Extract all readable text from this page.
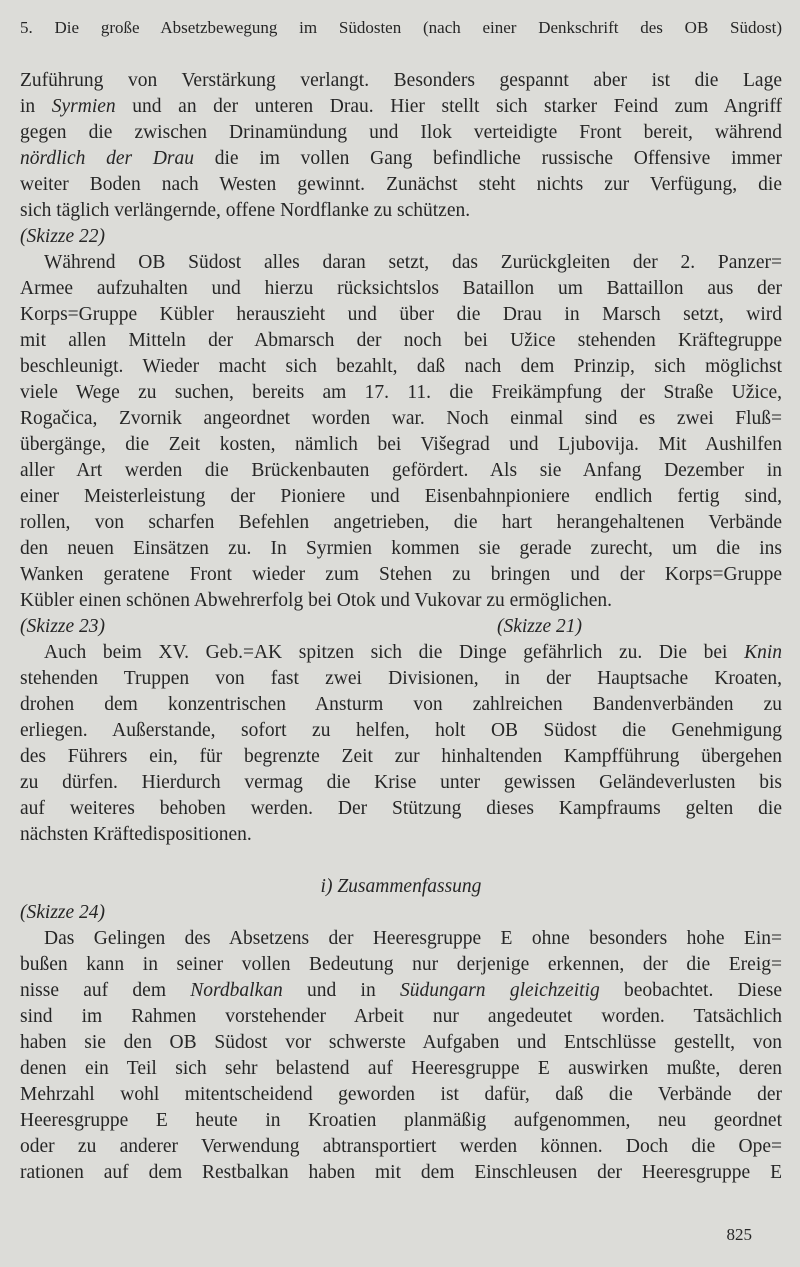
5. Die große Absetzbewegung im Südosten (nach einer Denkschrift des OB Südost)
Zuführung von Verstärkung verlangt. Besonders gespannt aber ist die Lage
in Syrmien und an der unteren Drau. Hier stellt sich starker Feind zum Angriff
gegen die zwischen Drinamündung und Ilok verteidigte Front bereit, während
nördlich der Drau die im vollen Gang befindliche russische Offensive immer
weiter Boden nach Westen gewinnt. Zunächst steht nichts zur Verfügung, die
sich täglich verlängernde, offene Nordflanke zu schützen.
(Skizze 22)
Während OB Südost alles daran setzt, das Zurückgleiten der 2. Panzer=
Armee aufzuhalten und hierzu rücksichtslos Bataillon um Battaillon aus der
Korps=Gruppe Kübler herauszieht und über die Drau in Marsch setzt, wird
mit allen Mitteln der Abmarsch der noch bei Užice stehenden Kräftegruppe
beschleunigt. Wieder macht sich bezahlt, daß nach dem Prinzip, sich möglichst
viele Wege zu suchen, bereits am 17. 11. die Freikämpfung der Straße Užice,
Rogačica, Zvornik angeordnet worden war. Noch einmal sind es zwei Fluß=
übergänge, die Zeit kosten, nämlich bei Višegrad und Ljubovija. Mit Aushilfen
aller Art werden die Brückenbauten gefördert. Als sie Anfang Dezember in
einer Meisterleistung der Pioniere und Eisenbahnpioniere endlich fertig sind,
rollen, von scharfen Befehlen angetrieben, die hart herangehaltenen Verbände
den neuen Einsätzen zu. In Syrmien kommen sie gerade zurecht, um die ins
Wanken geratene Front wieder zum Stehen zu bringen und der Korps=Gruppe
Kübler einen schönen Abwehrerfolg bei Otok und Vukovar zu ermöglichen.
(Skizze 23)	(Skizze 21)
Auch beim XV. Geb.=AK spitzen sich die Dinge gefährlich zu. Die bei Knin
stehenden Truppen von fast zwei Divisionen, in der Hauptsache Kroaten,
drohen dem konzentrischen Ansturm von zahlreichen Bandenverbänden zu
erliegen. Außerstande, sofort zu helfen, holt OB Südost die Genehmigung
des Führers ein, für begrenzte Zeit zur hinhaltenden Kampfführung übergehen
zu dürfen. Hierdurch vermag die Krise unter gewissen Geländeverlusten bis
auf weiteres behoben werden. Der Stützung dieses Kampfraums gelten die
nächsten Kräftedispositionen.
i) Zusammenfassung
(Skizze 24)
Das Gelingen des Absetzens der Heeresgruppe E ohne besonders hohe Ein=
bußen kann in seiner vollen Bedeutung nur derjenige erkennen, der die Ereig=
nisse auf dem Nordbalkan und in Südungarn gleichzeitig beobachtet. Diese
sind im Rahmen vorstehender Arbeit nur angedeutet worden. Tatsächlich
haben sie den OB Südost vor schwerste Aufgaben und Entschlüsse gestellt, von
denen ein Teil sich sehr belastend auf Heeresgruppe E auswirken mußte, deren
Mehrzahl wohl mitentscheidend geworden ist dafür, daß die Verbände der
Heeresgruppe E heute in Kroatien planmäßig aufgenommen, neu geordnet
oder zu anderer Verwendung abtransportiert werden können. Doch die Ope=
rationen auf dem Restbalkan haben mit dem Einschleusen der Heeresgruppe E
825
